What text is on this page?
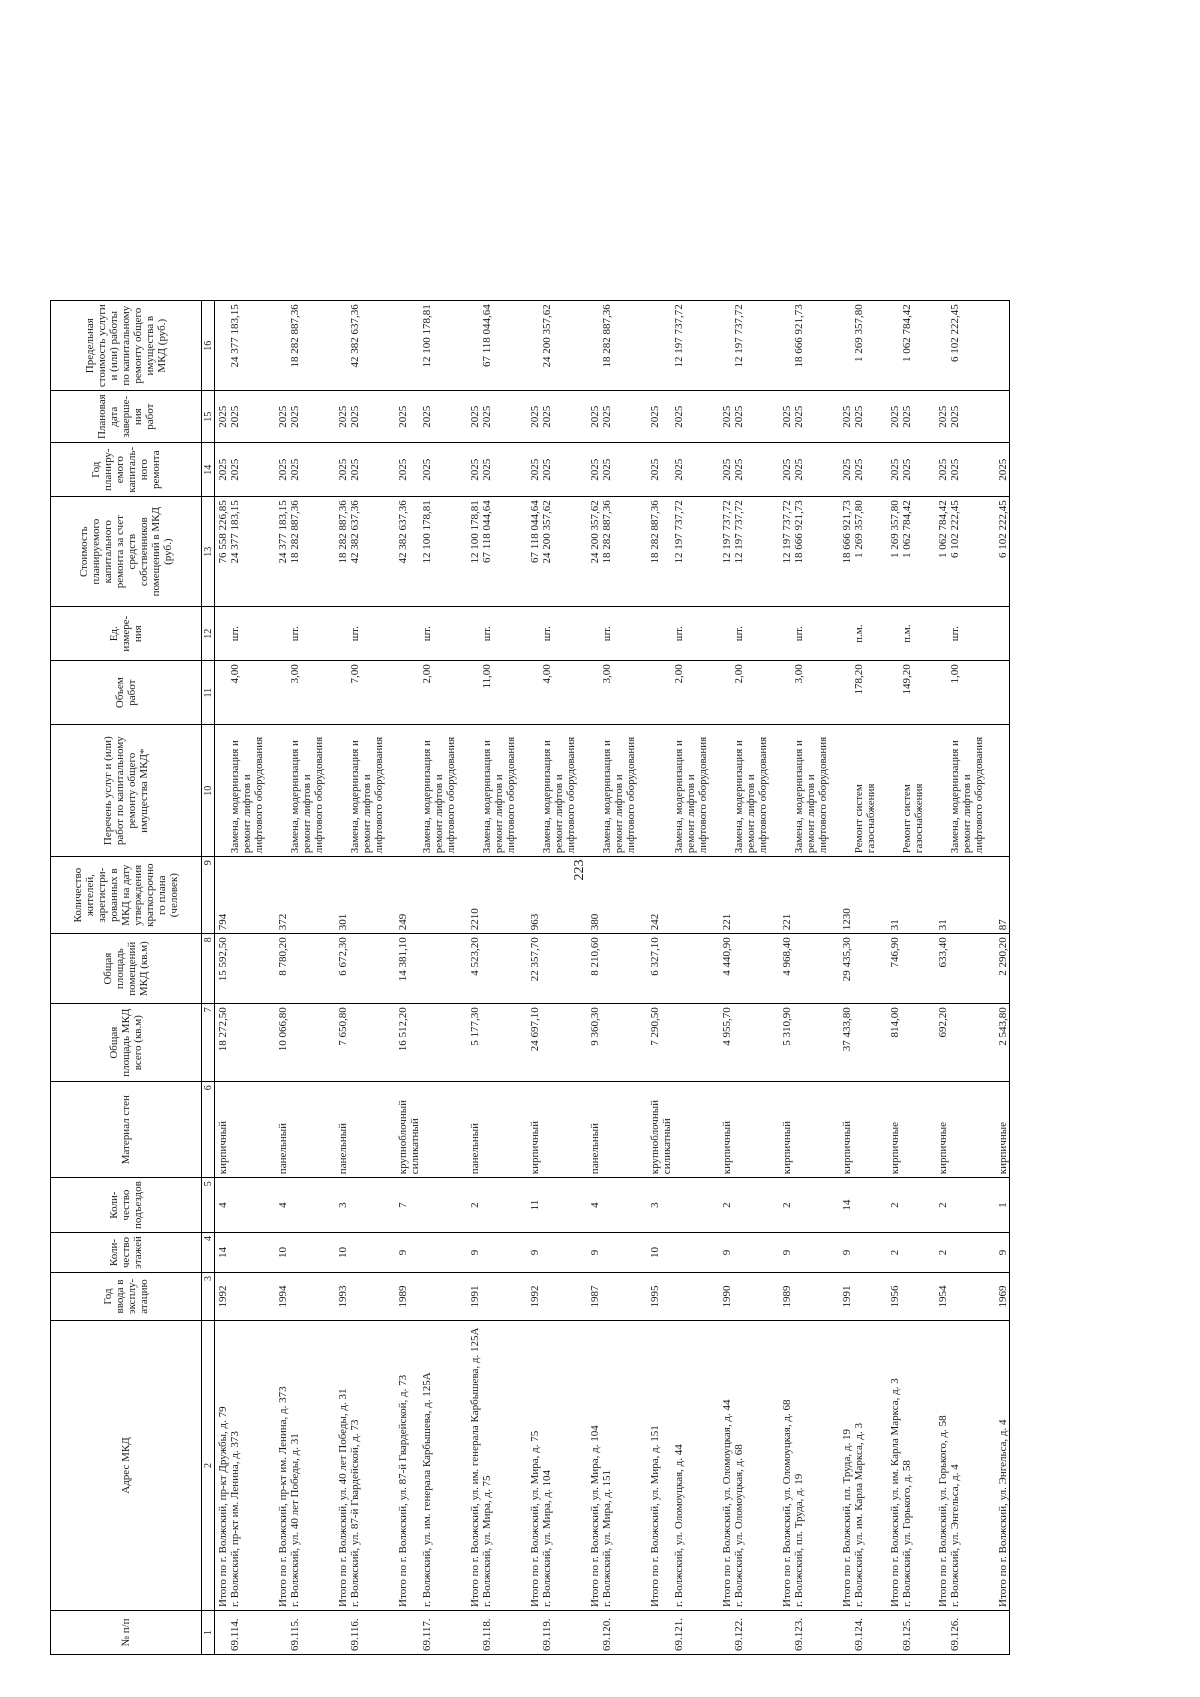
223
№ п/п	Адрес МКД	Год ввода в эксплу-атацию	Коли-чество этажей	Коли-чество подъездов	Материал стен	Общая площадь МКД всего (кв.м)	Общая площадь помещений МКД (кв.м)	Количество жителей, зарегистри-рованных в МКД на дату утверждения краткосрочно го плана (человек)	Перечень услуг и (или) работ по капитальному ремонту общего имущества МКД*	Объем работ	Ед. измере-ния	Стоимость планируемого капитального ремонта за счет средств собственников помещений в МКД (руб.)	Год планиру-емого капиталь-ного ремонта	Плановая дата заверше-ния работ	Предельная стоимость услуги и (или) работы по капитальному ремонту общего имущества в МКД (руб.)
1	2	3	4	5	6	7	8	9	10	11	12	13	14	15	16
	Итого по г. Волжский, пр-кт Дружбы, д. 79	1992	14	4	кирпичный	18 272,50	15 592,50	794				76 558 226,85	2025	2025	
69.114.	г. Волжский, пр-кт им. Ленина, д. 373								Замена, модернизация и ремонт лифтов и лифтового оборудования	4,00	шт.	24 377 183,15	2025	2025	24 377 183,15
	Итого по г. Волжский, пр-кт им. Ленина, д. 373	1994	10	4	панельный	10 066,80	8 780,20	372				24 377 183,15	2025	2025	
69.115.	г. Волжский, ул. 40 лет Победы, д. 31								Замена, модернизация и ремонт лифтов и лифтового оборудования	3,00	шт.	18 282 887,36	2025	2025	18 282 887,36
	Итого по г. Волжский, ул. 40 лет Победы, д. 31	1993	10	3	панельный	7 650,80	6 672,30	301				18 282 887,36	2025	2025	
69.116.	г. Волжский, ул. 87-й Гвардейской, д. 73								Замена, модернизация и ремонт лифтов и лифтового оборудования	7,00	шт.	42 382 637,36	2025	2025	42 382 637,36
	Итого по г. Волжский, ул. 87-й Гвардейской, д. 73	1989	9	7	крупноблочный силикатный	16 512,20	14 381,10	249				42 382 637,36	2025	2025	
69.117.	г. Волжский, ул. им. генерала Карбышева, д. 125А								Замена, модернизация и ремонт лифтов и лифтового оборудования	2,00	шт.	12 100 178,81	2025	2025	12 100 178,81
	Итого по г. Волжский, ул. им. генерала Карбышева, д. 125А	1991	9	2	панельный	5 177,30	4 523,20	2210				12 100 178,81	2025	2025	
69.118.	г. Волжский, ул. Мира, д. 75								Замена, модернизация и ремонт лифтов и лифтового оборудования	11,00	шт.	67 118 044,64	2025	2025	67 118 044,64
	Итого по г. Волжский, ул. Мира, д. 75	1992	9	11	кирпичный	24 697,10	22 357,70	963				67 118 044,64	2025	2025	
69.119.	г. Волжский, ул. Мира, д. 104								Замена, модернизация и ремонт лифтов и лифтового оборудования	4,00	шт.	24 200 357,62	2025	2025	24 200 357,62
	Итого по г. Волжский, ул. Мира, д. 104	1987	9	4	панельный	9 360,30	8 210,60	380				24 200 357,62	2025	2025	
69.120.	г. Волжский, ул. Мира, д. 151								Замена, модернизация и ремонт лифтов и лифтового оборудования	3,00	шт.	18 282 887,36	2025	2025	18 282 887,36
	Итого по г. Волжский, ул. Мира, д. 151	1995	10	3	крупноблочный силикатный	7 290,50	6 327,10	242				18 282 887,36	2025	2025	
69.121.	г. Волжский, ул. Оломоуцкая, д. 44								Замена, модернизация и ремонт лифтов и лифтового оборудования	2,00	шт.	12 197 737,72	2025	2025	12 197 737,72
	Итого по г. Волжский, ул. Оломоуцкая, д. 44	1990	9	2	кирпичный	4 955,70	4 440,90	221				12 197 737,72	2025	2025	
69.122.	г. Волжский, ул. Оломоуцкая, д. 68								Замена, модернизация и ремонт лифтов и лифтового оборудования	2,00	шт.	12 197 737,72	2025	2025	12 197 737,72
	Итого по г. Волжский, ул. Оломоуцкая, д. 68	1989	9	2	кирпичный	5 310,90	4 968,40	221				12 197 737,72	2025	2025	
69.123.	г. Волжский, пл. Труда, д. 19								Замена, модернизация и ремонт лифтов и лифтового оборудования	3,00	шт.	18 666 921,73	2025	2025	18 666 921,73
	Итого по г. Волжский, пл. Труда, д. 19	1991	9	14	кирпичный	37 433,80	29 435,30	1230				18 666 921,73	2025	2025	
69.124.	г. Волжский, ул. им. Карла Маркса, д. 3								Ремонт систем газоснабжения	178,20	п.м.	1 269 357,80	2025	2025	1 269 357,80
	Итого по г. Волжский, ул. им. Карла Маркса, д. 3	1956	2	2	кирпичные	814,00	746,90	31				1 269 357,80	2025	2025	
69.125.	г. Волжский, ул. Горького, д. 58								Ремонт систем газоснабжения	149,20	п.м.	1 062 784,42	2025	2025	1 062 784,42
	Итого по г. Волжский, ул. Горького, д. 58	1954	2	2	кирпичные	692,20	633,40	31				1 062 784,42	2025	2025	
69.126.	г. Волжский, ул. Энгельса, д. 4								Замена, модернизация и ремонт лифтов и лифтового оборудования	1,00	шт.	6 102 222,45	2025	2025	6 102 222,45
	Итого по г. Волжский, ул. Энгельса, д. 4	1969	9	1	кирпичные	2 543,80	2 290,20	87				6 102 222,45	2025		
